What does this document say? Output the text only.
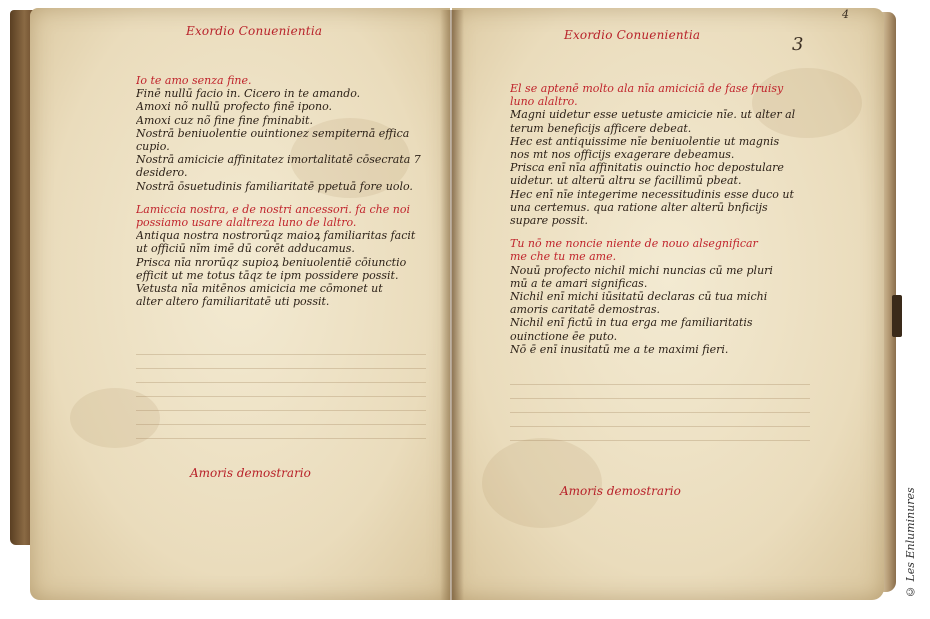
Exordio Conuenientia
Io te amo senza fine.
Finē nullū facio in. Cicero in te amando.
Amoxi nõ nullū profecto finē ipono.
Amoxi cuz nõ fine fine fminabit.
Nostrā beniuolentie ouintionez sempiternā effica
cupio.
Nostrā amicicie affinitatez imortalitatē cōsecrata 7
desidero.
Nostrā ōsuetudinis familiaritatē ppetuā fore uolo.
Lamiccia nostra, e de nostri ancessori. fa che noi
possiamo usare alaltreza luno de laltro.
Antiqua nostra nostrorūqz maioꝝ familiaritas facit
ut officiū nīm imē dū corēt adducamus.
Prisca nīa nrorūqz supioꝝ beniuolentiē cōiunctio
efficit ut me totus tāqz te ipm possidere possit.
Vetusta nīa mitēnos amicicia me cōmonet ut
alter altero familiaritatē uti possit.
Amoris demostrario
Exordio Conuenientia	3
4
El se aptenē molto ala nīa amiciciā de fase fruisy
luno alaltro.
Magni uidetur esse uetuste amicicie nīe. ut alter al
terum beneficijs afficere debeat.
Hec est antiquissime nīe beniuolentie ut magnis
nos mt nos officijs exagerare debeamus.
Prisca enī nīa affinitatis ouinctio hoc depostulare
uidetur. ut alterū altru se facillimū pbeat.
Hec enī nīe integerime necessitudinis esse duco ut
una certemus. qua ratione alter alterū bnficijs
supare possit.
Tu nō me noncie niente de nouo alsegnificar
me che tu me ame.
Nouū profecto nichil michi nuncias cū me pluri
mū a te amari significas.
Nichil enī michi iūsitatū declaras cū tua michi
amoris caritatē demostras.
Nichil enī fictū in tua erga me familiaritatis
ouinctione ēe puto.
Nō ē enī inusitatū me a te maximi fieri.
Amoris demostrario	© Les Enluminures
